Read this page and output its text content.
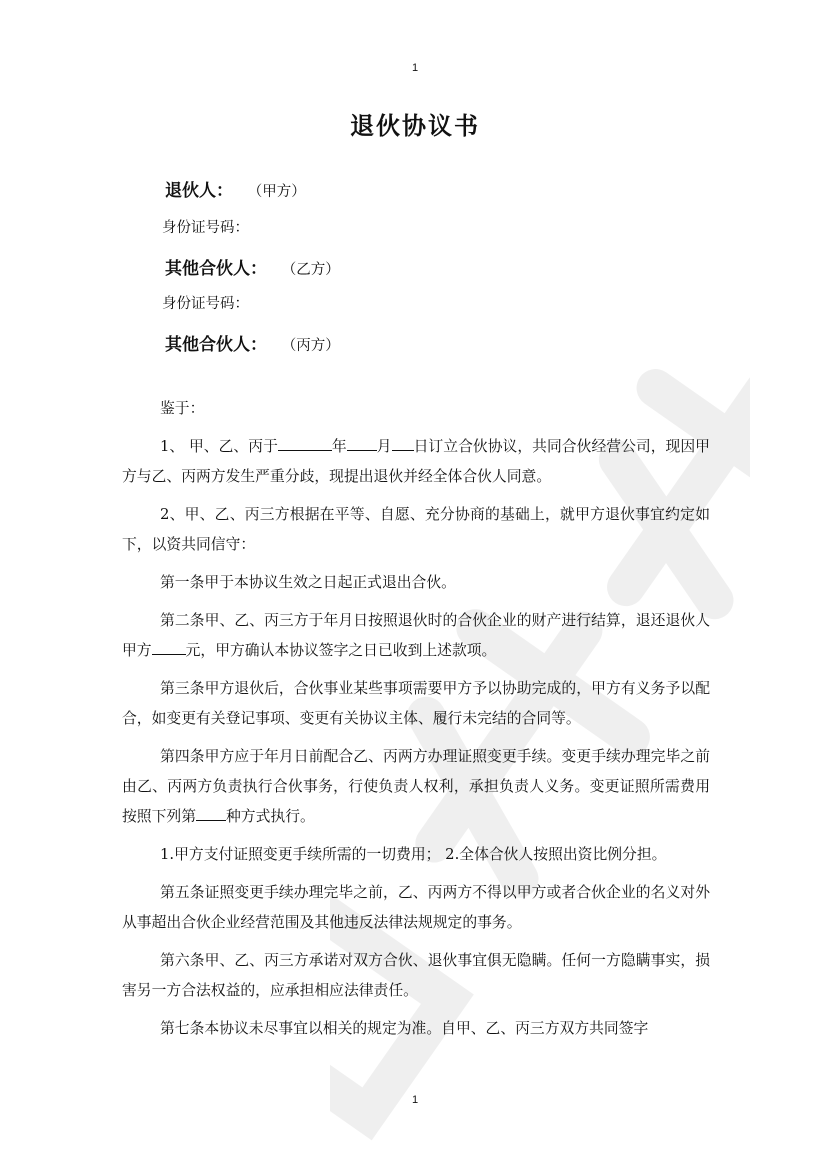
1
退伙协议书
退伙人： （甲方）
身份证号码：
其他合伙人： （乙方）
身份证号码：
其他合伙人： （丙方）

鉴于：

1、 甲、乙、丙于	年 月 日订立合伙协议，共同合伙经营公司，现因甲方与乙、丙两方发生严重分歧，现提出退伙并经全体合伙人同意。

2、甲、乙、丙三方根据在平等、自愿、充分协商的基础上，就甲方退伙事宜约定如下，以资共同信守：

第一条甲于本协议生效之日起正式退出合伙。

第二条甲、乙、丙三方于年月日按照退伙时的合伙企业的财产进行结算，退还退伙人甲方 元，甲方确认本协议签字之日已收到上述款项。

第三条甲方退伙后，合伙事业某些事项需要甲方予以协助完成的，甲方有义务予以配合，如变更有关登记事项、变更有关协议主体、履行未完结的合同等。

第四条甲方应于年月日前配合乙、丙两方办理证照变更手续。变更手续办理完毕之前由乙、丙两方负责执行合伙事务，行使负责人权利，承担负责人义务。变更证照所需费用按照下列第 种方式执行。

1.甲方支付证照变更手续所需的一切费用； 2.全体合伙人按照出资比例分担。

第五条证照变更手续办理完毕之前，乙、丙两方不得以甲方或者合伙企业的名义对外从事超出合伙企业经营范围及其他违反法律法规规定的事务。

第六条甲、乙、丙三方承诺对双方合伙、退伙事宜俱无隐瞒。任何一方隐瞒事实，损害另一方合法权益的，应承担相应法律责任。

第七条本协议未尽事宜以相关的规定为准。自甲、乙、丙三方双方共同签字

1
